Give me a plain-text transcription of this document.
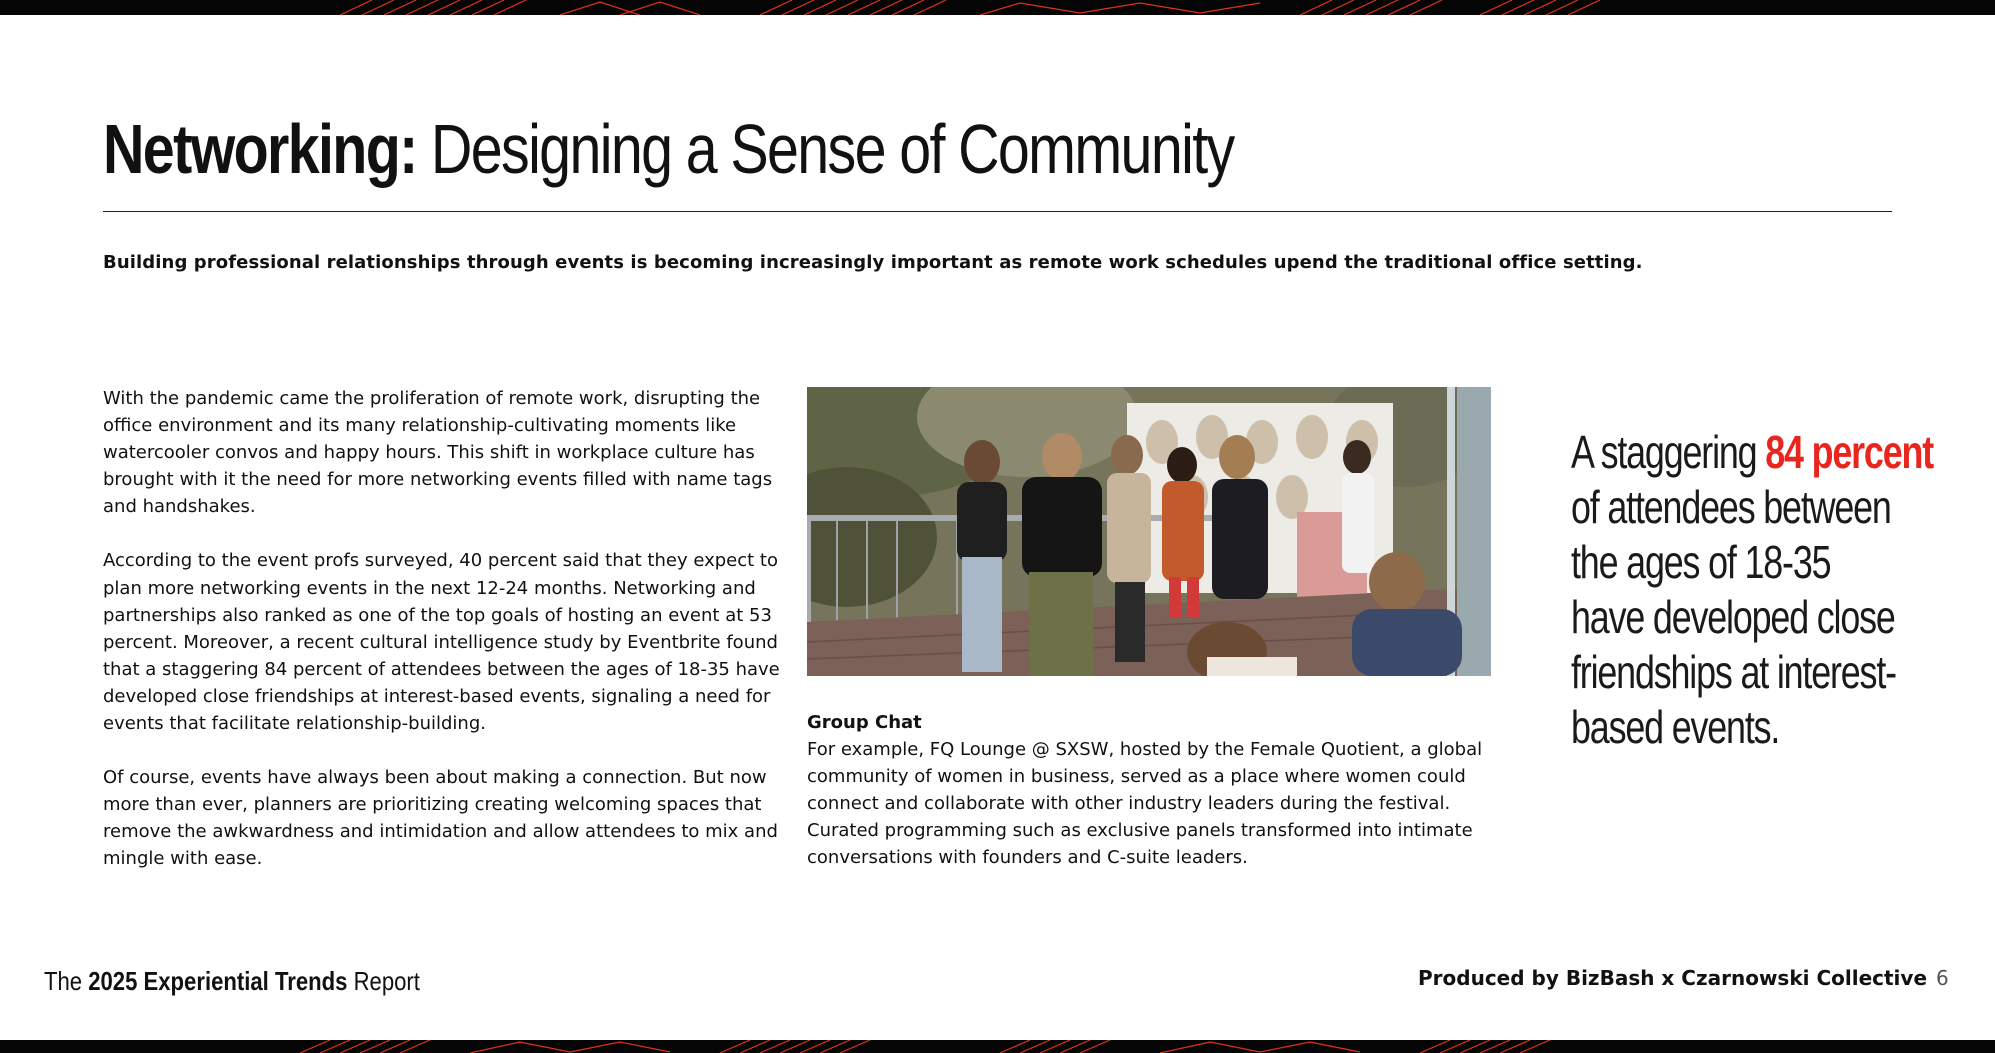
Networking: Designing a Sense of Community

Building professional relationships through events is becoming increasingly important as remote work schedules upend the traditional office setting.

With the pandemic came the proliferation of remote work, disrupting the office environment and its many relationship-cultivating moments like watercooler convos and happy hours. This shift in workplace culture has brought with it the need for more networking events filled with name tags and handshakes.

According to the event profs surveyed, 40 percent said that they expect to plan more networking events in the next 12-24 months. Networking and partnerships also ranked as one of the top goals of hosting an event at 53 percent. Moreover, a recent cultural intelligence study by Eventbrite found that a staggering 84 percent of attendees between the ages of 18-35 have developed close friendships at interest-based events, signaling a need for events that facilitate relationship-building.

Of course, events have always been about making a connection. But now more than ever, planners are prioritizing creating welcoming spaces that remove the awkwardness and intimidation and allow attendees to mix and mingle with ease.

Group Chat
For example, FQ Lounge @ SXSW, hosted by the Female Quotient, a global community of women in business, served as a place where women could connect and collaborate with other industry leaders during the festival. Curated programming such as exclusive panels transformed into intimate conversations with founders and C-suite leaders.
A staggering 84 percent
of attendees between
the ages of 18-35
have developed close
friendships at interest-
based events.
The 2025 Experiential Trends Report	Produced by BizBash x Czarnowski Collective 6
